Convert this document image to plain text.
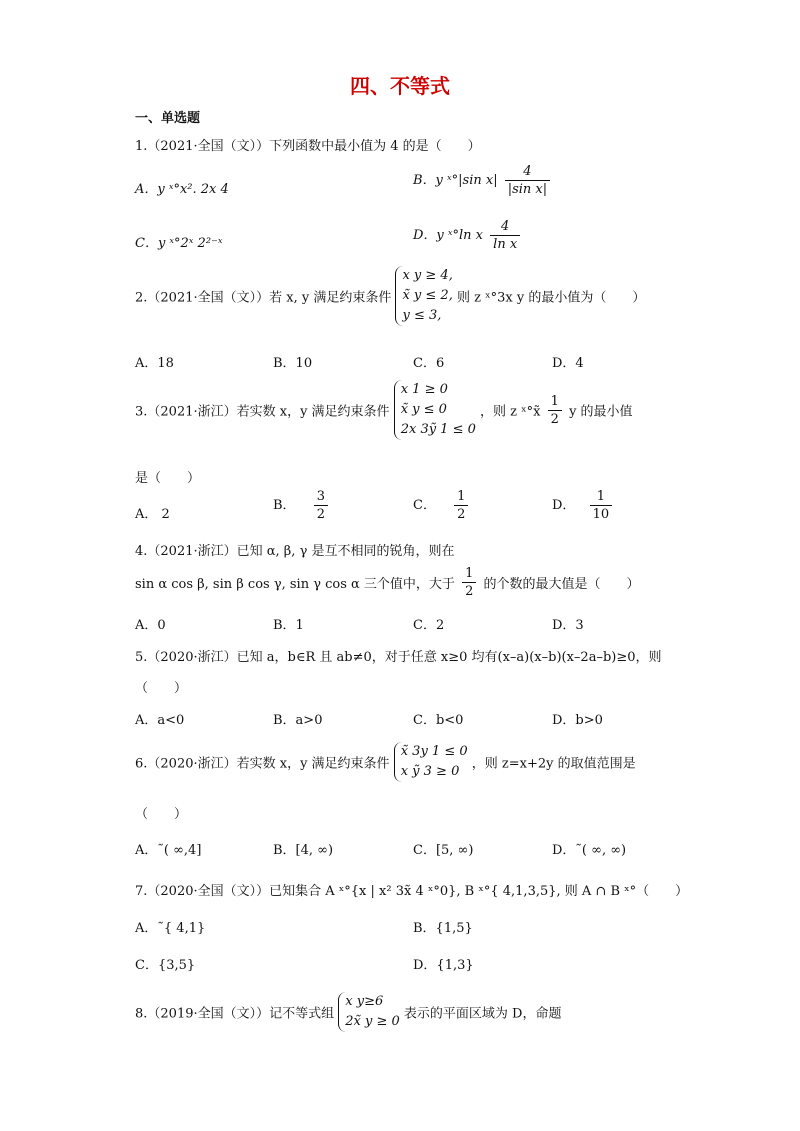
四、不等式
一、单选题
1.（2021·全国（文））下列函数中最小值为 4 的是（　　）
A．y ˣ°x². 2x 4
B．y ˣ°|sin $x| \frac{4}{\text{|sin x|}}$
C．y ˣ°2ˣ 2²⁻ˣ
D．y ˣ°ln x $\frac{4}{\text{ln x}}$
2.（2021·全国（文））若 x, y 满足约束条件
x y ≥ 4,
x̃ y ≤ 2,
y ≤ 3,
则 z ˣ°3x y 的最小值为（　　）
A．18	B．10	C．6	D．4
3.（2021·浙江）若实数 x，y 满足约束条件
x 1 ≥ 0
x̃ y ≤ 0
2x 3ỹ 1 ≤ 0
，则 z ˣ°x̃ $\frac{1}{2}$ y 的最小值
是（　　）
A． 2
B． $\frac{3}{2}$	C． $\frac{1}{2}$	D． $\frac{1}{10}$
4.（2021·浙江）已知 α, β, γ 是互不相同的锐角，则在
sin α cos β, sin β cos γ, sin γ cos α 三个值中，大于 $\frac{1}{2}$ 的个数的最大值是（　　）
A．0	B．1	C．2	D．3
5.（2020·浙江）已知 a，b∈R 且 ab≠0，对于任意 x≥0 均有(x–a)(x–b)(x–2a–b)≥0，则
（　　）
A．a<0	B．a>0	C．b<0	D．b>0
6.（2020·浙江）若实数 x，y 满足约束条件
x̃ 3y 1 ≤ 0
x ỹ 3 ≥ 0 ，则 z=x+2y 的取值范围是
（　　）
A．˜( ∞,4]	B．[4, ∞)	C．[5, ∞)	D．˜( ∞, ∞)
7.（2020·全国（文））已知集合 A ˣ°{x | x² 3x̃ 4 ˣ°0}, B ˣ°{ 4,1,3,5}, 则 A ∩ B ˣ°（　　）
A．˜{ 4,1}	B．{1,5}
C．{3,5}	D．{1,3}
8.（2019·全国（文））记不等式组
x y≥6
2x̃ y ≥ 0 表示的平面区域为 D，命题
